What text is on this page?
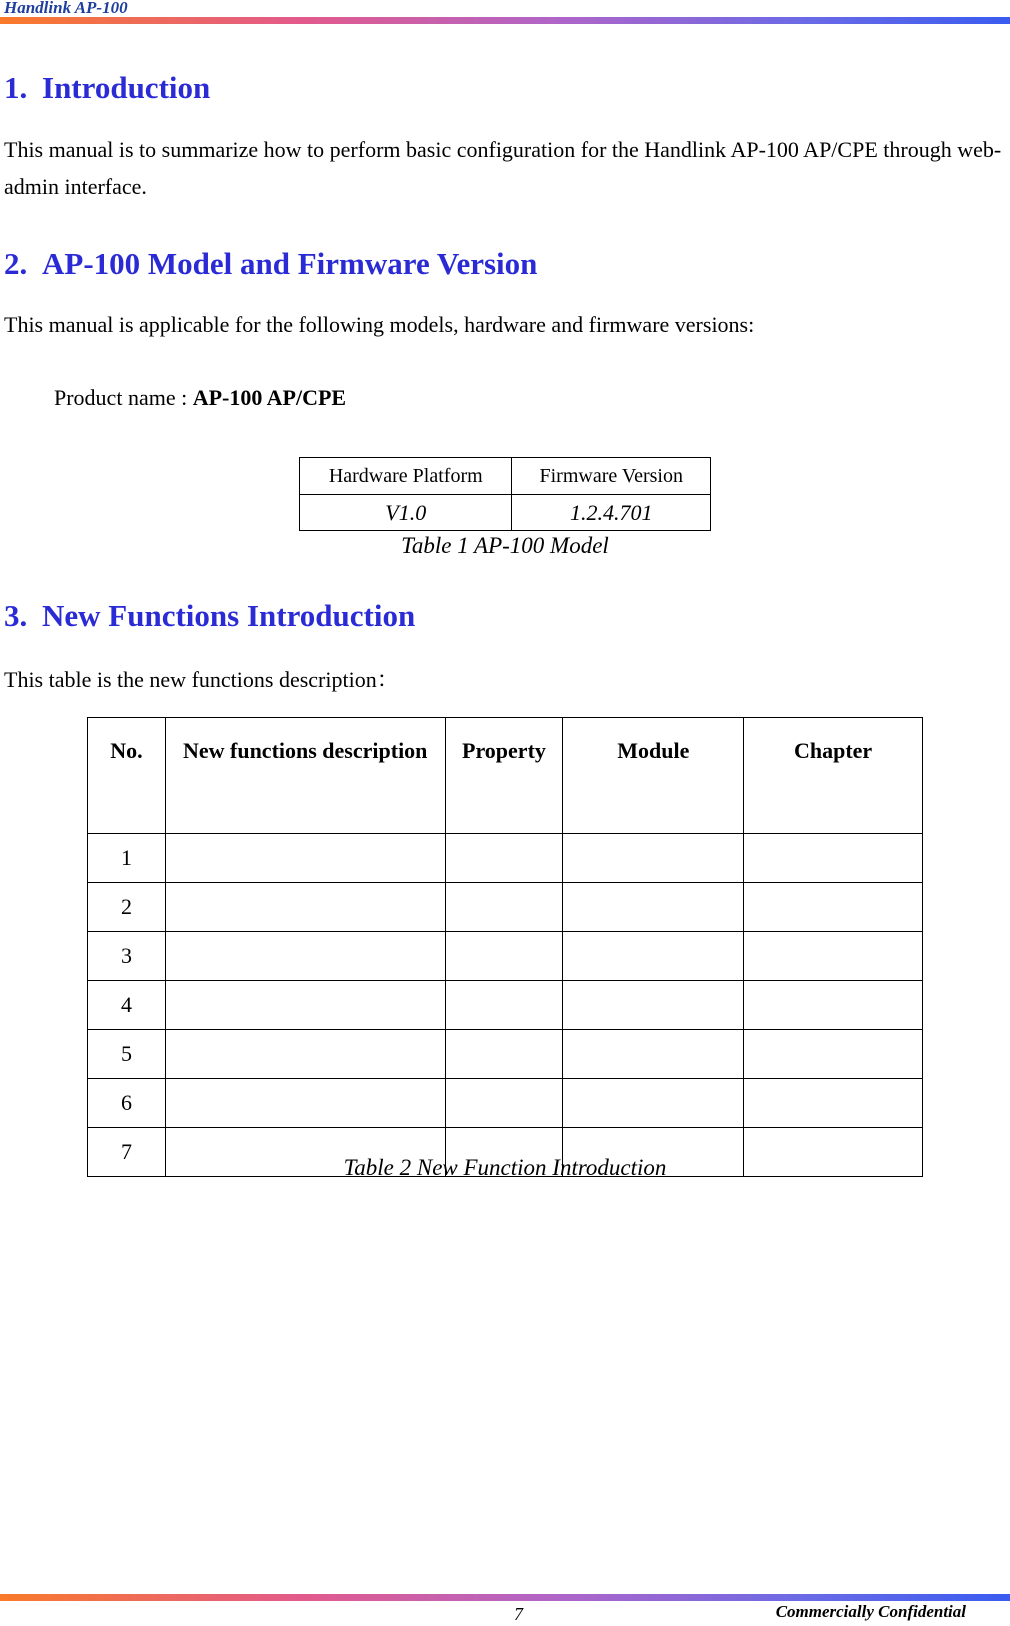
Handlink AP-100

1. Introduction

This manual is to summarize how to perform basic configuration for the Handlink AP-100 AP/CPE through web-admin interface.

2. AP-100 Model and Firmware Version

This manual is applicable for the following models, hardware and firmware versions:

Product name : AP-100 AP/CPE

Hardware Platform	Firmware Version
V1.0	1.2.4.701

Table 1 AP-100 Model

3. New Functions Introduction

This table is the new functions description：

No.	New functions description	Property	Module	Chapter
1				
2				
3				
4				
5				
6				
7				

Table 2 New Function Introduction

7	Commercially Confidential
